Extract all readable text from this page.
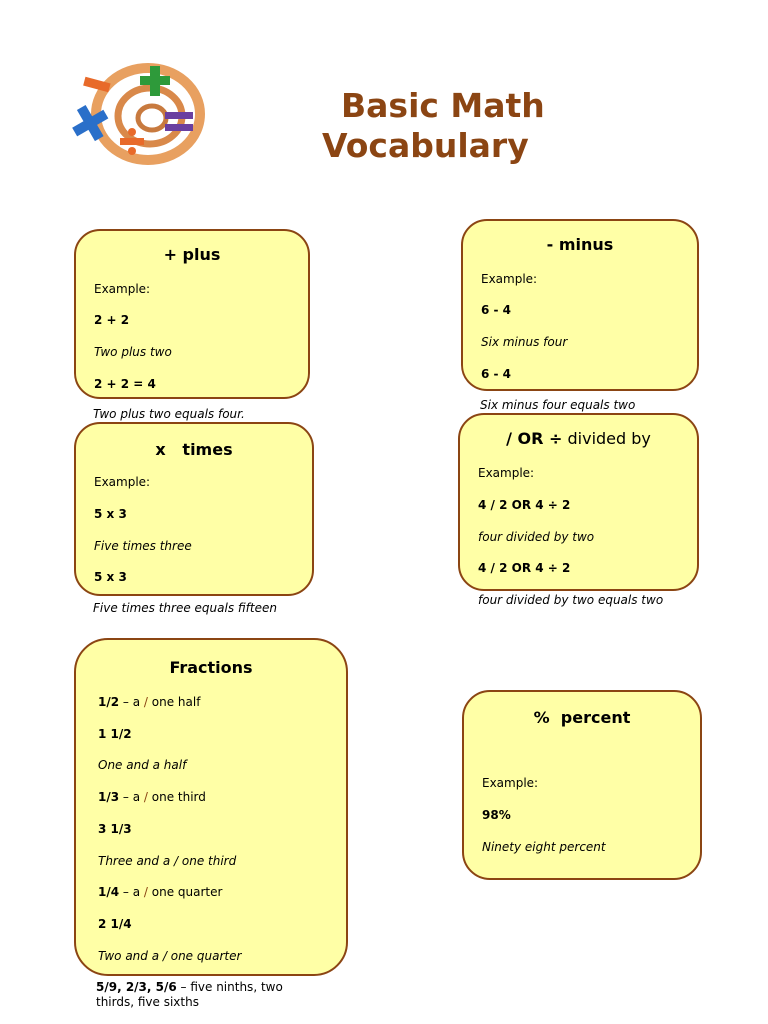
Basic Math
Vocabulary
+ plus
Example:
2 + 2
Two plus two
2 + 2 = 4
Two plus two equals four.
- minus
Example:
6 - 4
Six minus four
6 - 4
Six minus four equals two
x   times
Example:
5 x 3
Five times three
5 x 3
Five times three equals fifteen
/ OR ÷ divided by
Example:
4 / 2 OR 4 ÷ 2
four divided by two
4 / 2 OR 4 ÷ 2
four divided by two equals two
Fractions
1/2 – a / one half
1 1/2
One and a half
1/3 – a / one third
3 1/3
Three and a / one third
1/4 – a / one quarter
2 1/4
Two and a / one quarter
5/9, 2/3, 5/6 – five ninths, two
thirds, five sixths
%  percent
Example:
98%
Ninety eight percent
